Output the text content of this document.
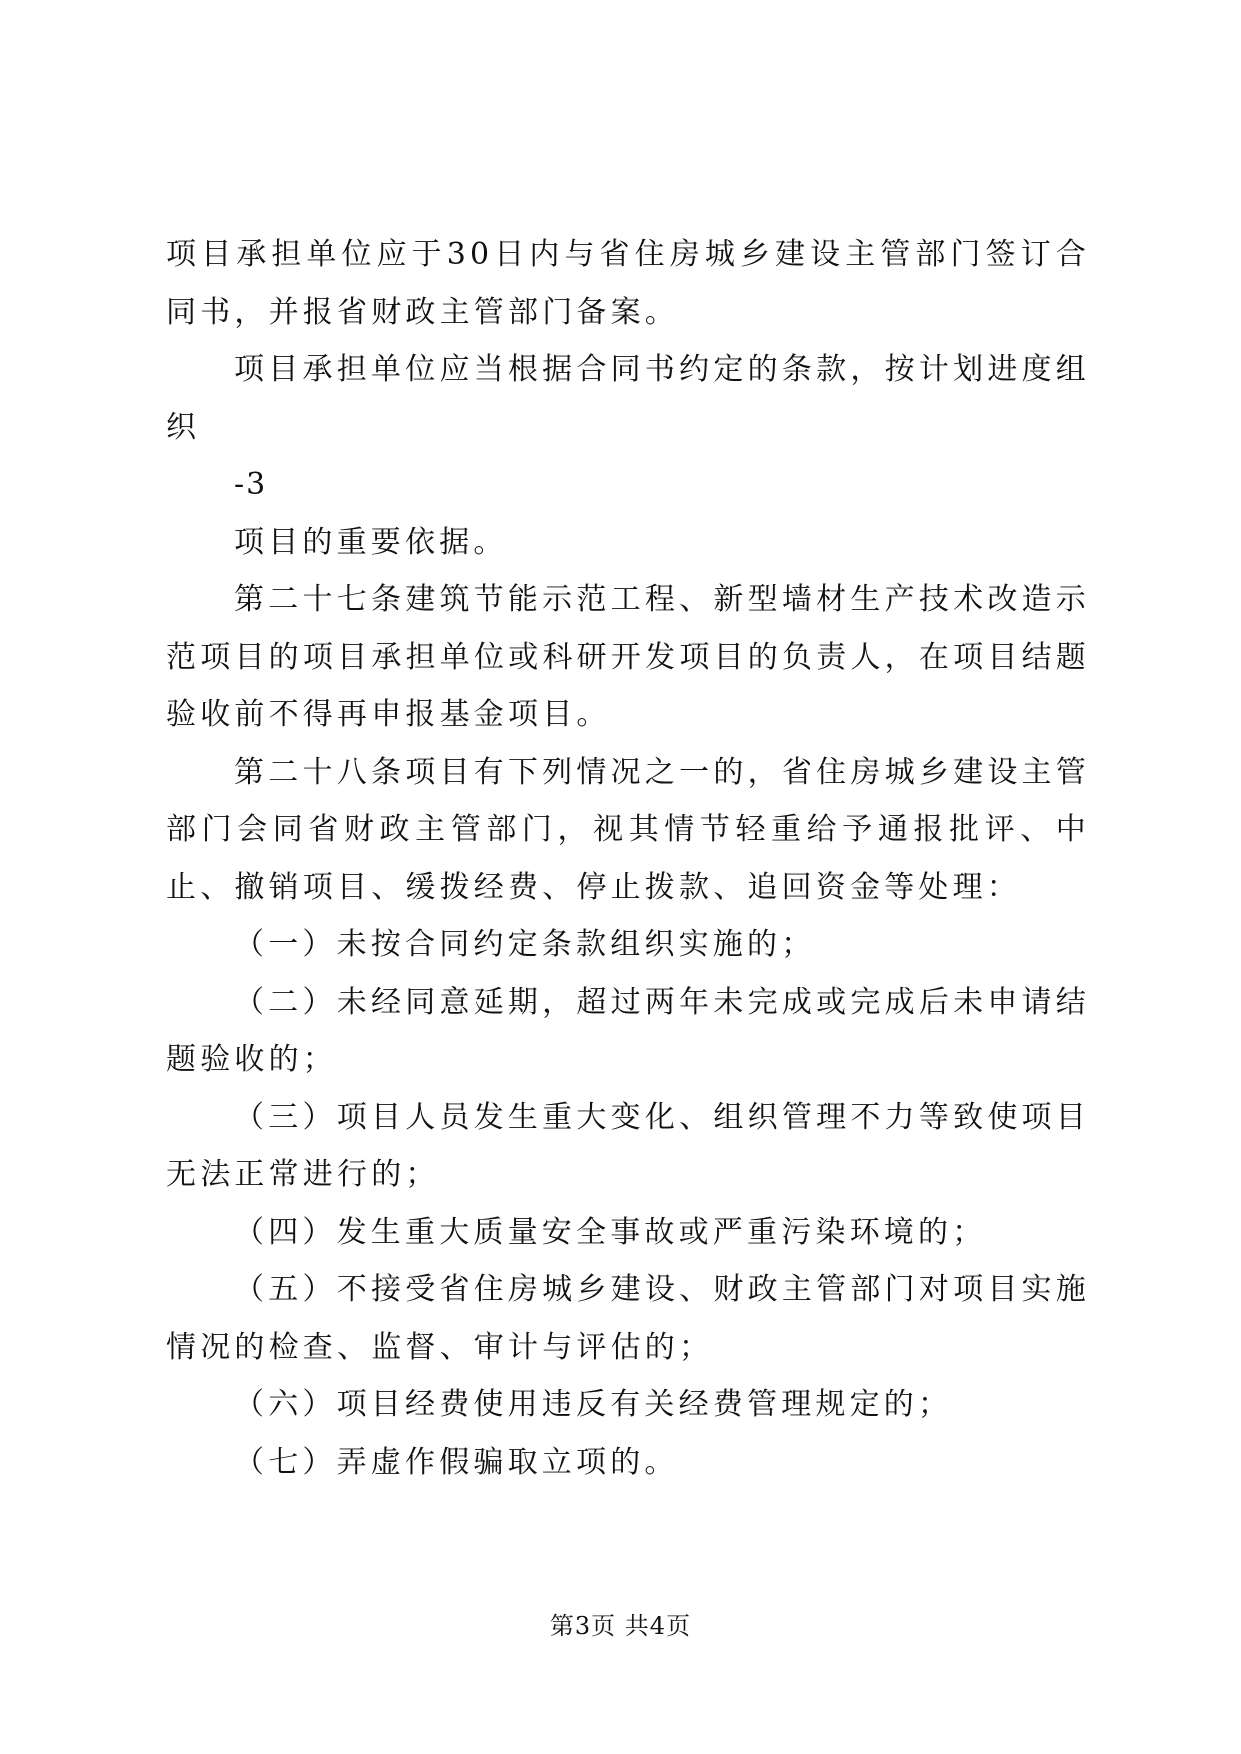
项目承担单位应于30日内与省住房城乡建设主管部门签订合同书，并报省财政主管部门备案。

项目承担单位应当根据合同书约定的条款，按计划进度组织

-3

项目的重要依据。

第二十七条建筑节能示范工程、新型墙材生产技术改造示范项目的项目承担单位或科研开发项目的负责人，在项目结题验收前不得再申报基金项目。

第二十八条项目有下列情况之一的，省住房城乡建设主管部门会同省财政主管部门，视其情节轻重给予通报批评、中止、撤销项目、缓拨经费、停止拨款、追回资金等处理：

（一）未按合同约定条款组织实施的；

（二）未经同意延期，超过两年未完成或完成后未申请结题验收的；

（三）项目人员发生重大变化、组织管理不力等致使项目无法正常进行的；

（四）发生重大质量安全事故或严重污染环境的；

（五）不接受省住房城乡建设、财政主管部门对项目实施情况的检查、监督、审计与评估的；

（六）项目经费使用违反有关经费管理规定的；

（七）弄虚作假骗取立项的。

第3页 共4页
